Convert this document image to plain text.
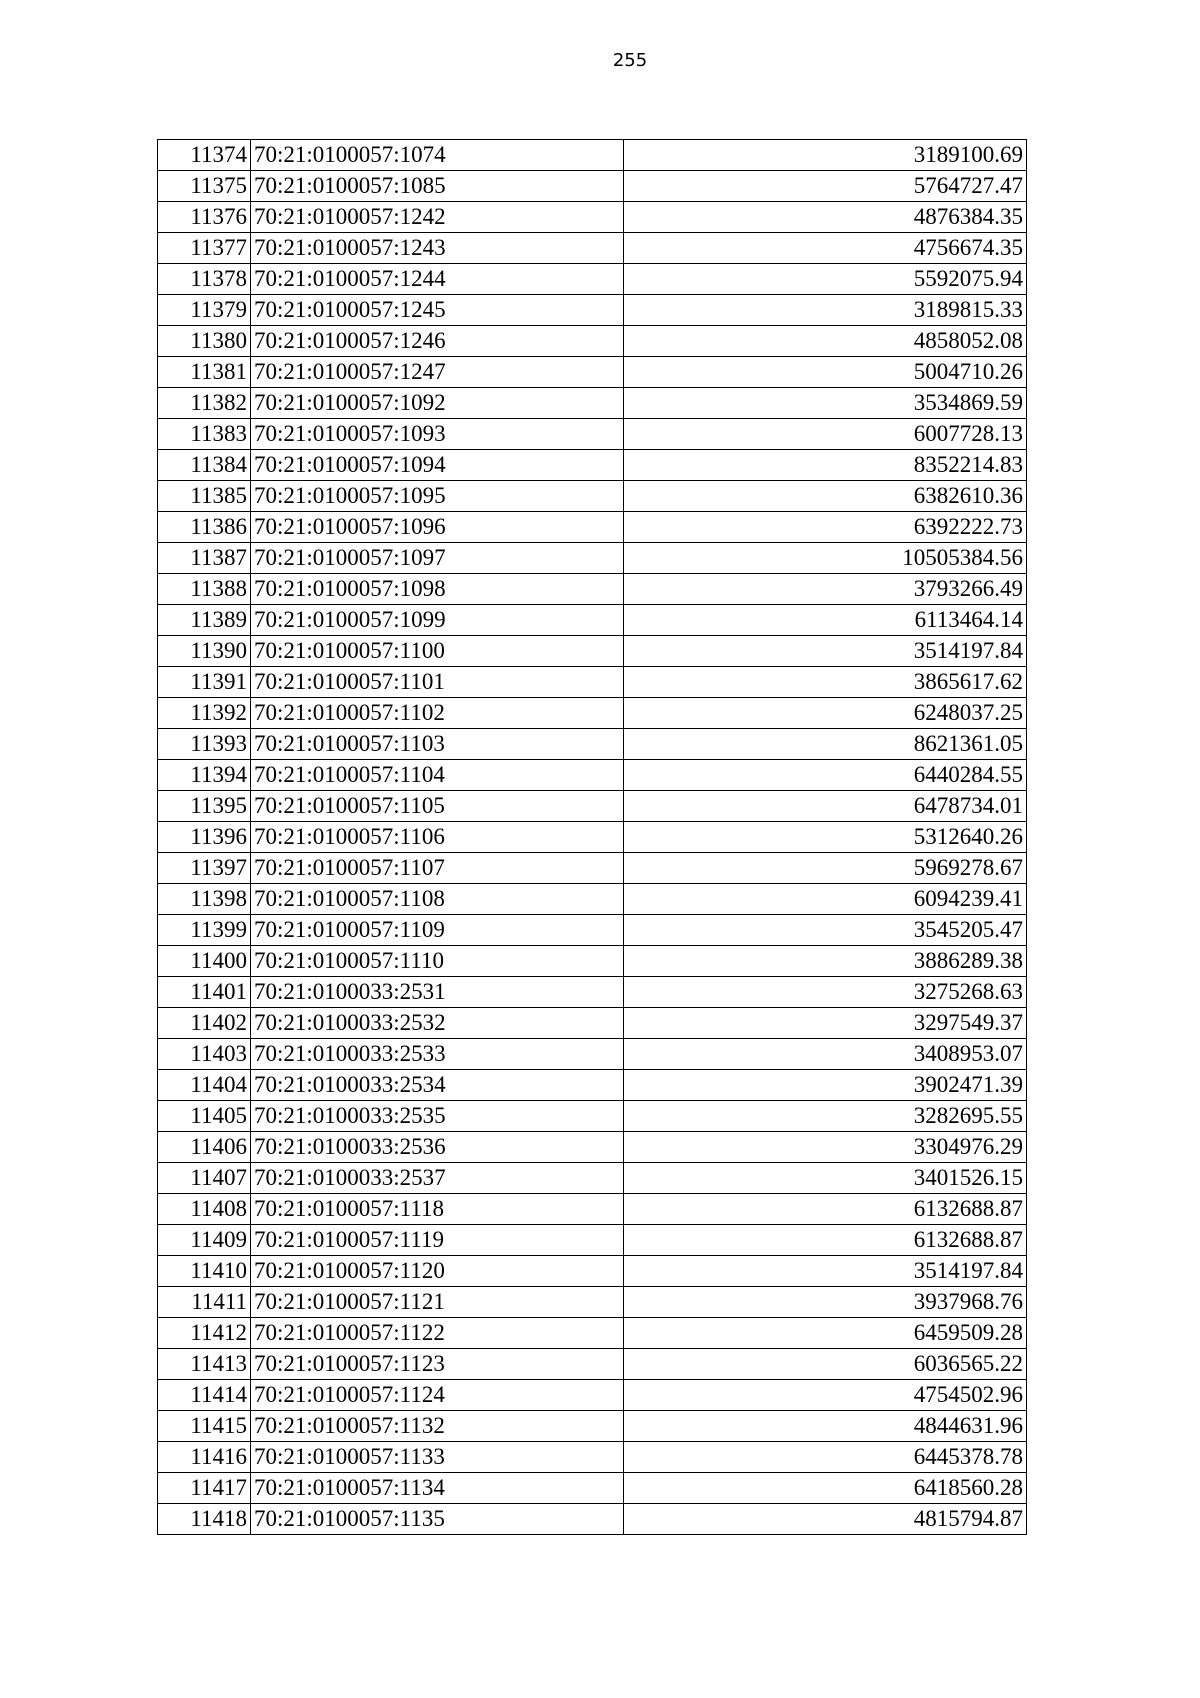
255
11374	70:21:0100057:1074	3189100.69
11375	70:21:0100057:1085	5764727.47
11376	70:21:0100057:1242	4876384.35
11377	70:21:0100057:1243	4756674.35
11378	70:21:0100057:1244	5592075.94
11379	70:21:0100057:1245	3189815.33
11380	70:21:0100057:1246	4858052.08
11381	70:21:0100057:1247	5004710.26
11382	70:21:0100057:1092	3534869.59
11383	70:21:0100057:1093	6007728.13
11384	70:21:0100057:1094	8352214.83
11385	70:21:0100057:1095	6382610.36
11386	70:21:0100057:1096	6392222.73
11387	70:21:0100057:1097	10505384.56
11388	70:21:0100057:1098	3793266.49
11389	70:21:0100057:1099	6113464.14
11390	70:21:0100057:1100	3514197.84
11391	70:21:0100057:1101	3865617.62
11392	70:21:0100057:1102	6248037.25
11393	70:21:0100057:1103	8621361.05
11394	70:21:0100057:1104	6440284.55
11395	70:21:0100057:1105	6478734.01
11396	70:21:0100057:1106	5312640.26
11397	70:21:0100057:1107	5969278.67
11398	70:21:0100057:1108	6094239.41
11399	70:21:0100057:1109	3545205.47
11400	70:21:0100057:1110	3886289.38
11401	70:21:0100033:2531	3275268.63
11402	70:21:0100033:2532	3297549.37
11403	70:21:0100033:2533	3408953.07
11404	70:21:0100033:2534	3902471.39
11405	70:21:0100033:2535	3282695.55
11406	70:21:0100033:2536	3304976.29
11407	70:21:0100033:2537	3401526.15
11408	70:21:0100057:1118	6132688.87
11409	70:21:0100057:1119	6132688.87
11410	70:21:0100057:1120	3514197.84
11411	70:21:0100057:1121	3937968.76
11412	70:21:0100057:1122	6459509.28
11413	70:21:0100057:1123	6036565.22
11414	70:21:0100057:1124	4754502.96
11415	70:21:0100057:1132	4844631.96
11416	70:21:0100057:1133	6445378.78
11417	70:21:0100057:1134	6418560.28
11418	70:21:0100057:1135	4815794.87
